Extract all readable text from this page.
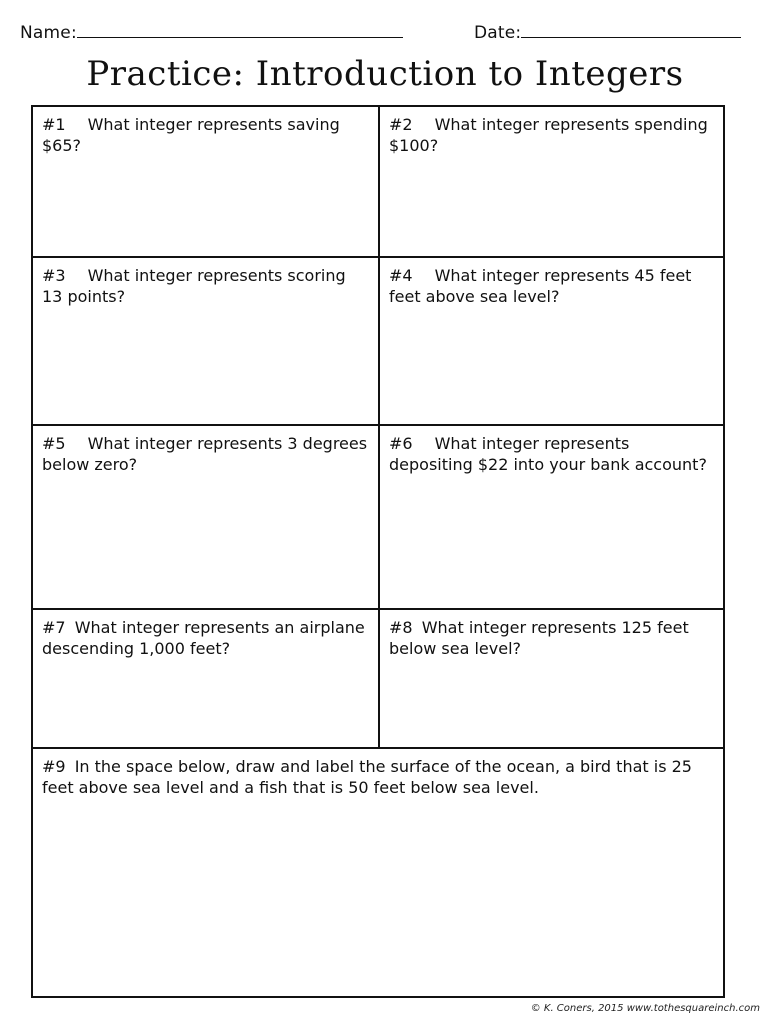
Name:	Date:
Practice: Introduction to Integers
#1 What integer represents saving $65?
#2 What integer represents spending $100?
#3 What integer represents scoring 13 points?
#4 What integer represents 45 feet feet above sea level?
#5 What integer represents 3 degrees below zero?
#6 What integer represents depositing $22 into your bank account?
#7 What integer represents an airplane descending 1,000 feet?
#8 What integer represents 125 feet below sea level?
#9 In the space below, draw and label the surface of the ocean, a bird that is 25 feet above sea level and a fish that is 50 feet below sea level.
© K. Coners, 2015 www.tothesquareinch.com
